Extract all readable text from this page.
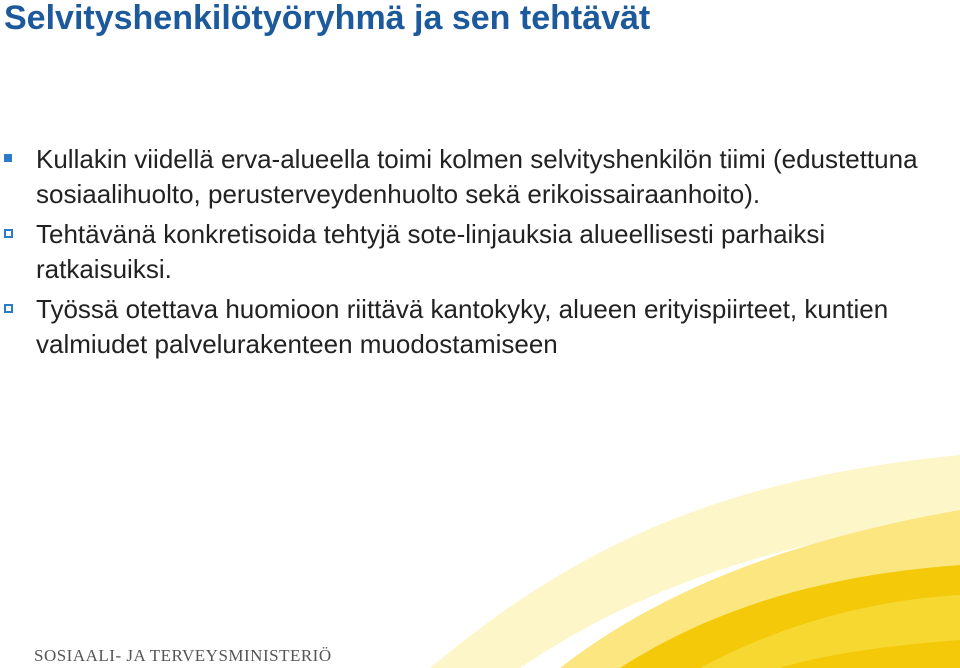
Selvityshenkilötyöryhmä ja sen tehtävät
Kullakin viidellä erva-alueella toimi kolmen selvityshenkilön tiimi (edustettuna sosiaalihuolto, perusterveydenhuolto sekä erikoissairaanhoito).
Tehtävänä konkretisoida tehtyjä sote-linjauksia alueellisesti parhaiksi ratkaisuiksi.
Työssä otettava huomioon riittävä kantokyky, alueen erityispiirteet, kuntien valmiudet palvelurakenteen muodostamiseen
SOSIAALI- JA TERVEYSMINISTERIÖ
